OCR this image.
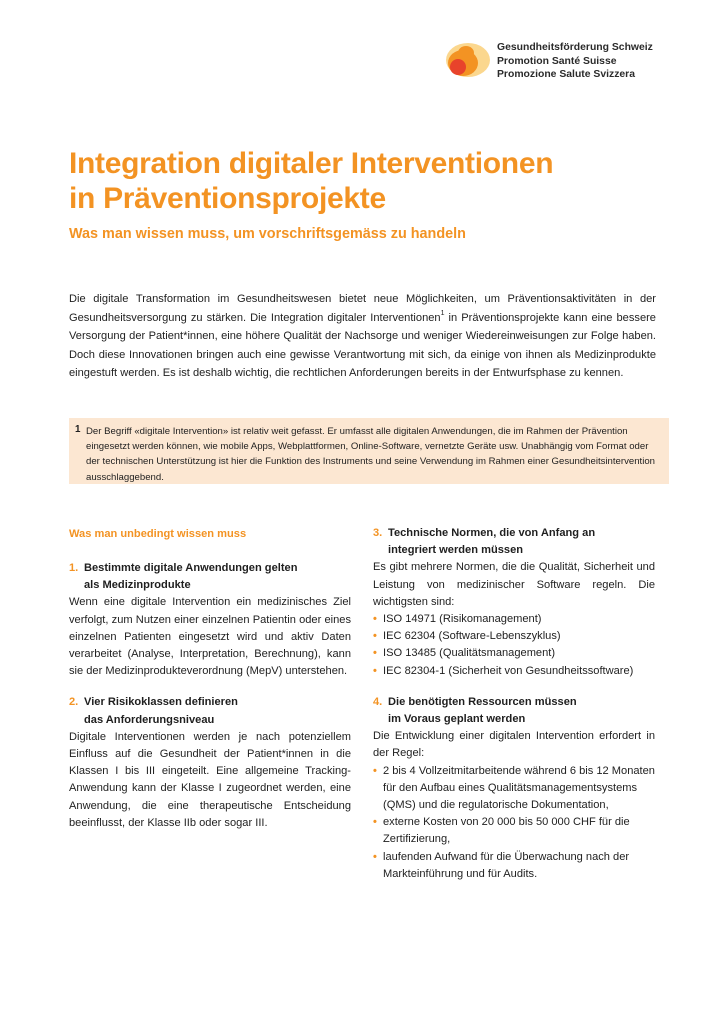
Gesundheitsförderung Schweiz
Promotion Santé Suisse
Promozione Salute Svizzera
Integration digitaler Interventionen
in Präventionsprojekte
Was man wissen muss, um vorschriftsgemäss zu handeln

Die digitale Transformation im Gesundheitswesen bietet neue Möglichkeiten, um Präventionsaktivitäten in der Gesundheitsversorgung zu stärken. Die Integration digitaler Interventionen$^1$ in Präventionsprojekte kann eine bessere Versorgung der Patient*innen, eine höhere Qualität der Nachsorge und weniger Wiedereinweisungen zur Folge haben. Doch diese Innovationen bringen auch eine gewisse Verantwortung mit sich, da einige von ihnen als Medizinprodukte eingestuft werden. Es ist deshalb wichtig, die rechtlichen Anforderungen bereits in der Entwurfsphase zu kennen.

1 Der Begriff «digitale Intervention» ist relativ weit gefasst. Er umfasst alle digitalen Anwendungen, die im Rahmen der Prävention eingesetzt werden können, wie mobile Apps, Webplattformen, Online-Software, vernetzte Geräte usw. Unabhängig vom Format oder der technischen Unterstützung ist hier die Funktion des Instruments und seine Verwendung im Rahmen einer Gesundheitsintervention ausschlaggebend.

Was man unbedingt wissen muss

1. Bestimmte digitale Anwendungen gelten
als Medizinprodukte

Wenn eine digitale Intervention ein medizinisches Ziel verfolgt, zum Nutzen einer einzelnen Patientin oder eines einzelnen Patienten eingesetzt wird und aktiv Daten verarbeitet (Analyse, Interpretation, Berechnung), kann sie der Medizinprodukteverordnung (MepV) unterstehen.

2. Vier Risikoklassen definieren
das Anforderungsniveau

Digitale Interventionen werden je nach potenziellem Einfluss auf die Gesundheit der Patient*innen in die Klassen I bis III eingeteilt. Eine allgemeine Tracking-Anwendung kann der Klasse I zugeordnet werden, eine Anwendung, die eine therapeutische Entscheidung beeinflusst, der Klasse IIb oder sogar III.

3. Technische Normen, die von Anfang an
integriert werden müssen

Es gibt mehrere Normen, die die Qualität, Sicherheit und Leistung von medizinischer Software regeln. Die wichtigsten sind:

• ISO 14971 (Risikomanagement)
• IEC 62304 (Software-Lebenszyklus)
• ISO 13485 (Qualitätsmanagement)
• IEC 82304-1 (Sicherheit von Gesundheitssoftware)

4. Die benötigten Ressourcen müssen
im Voraus geplant werden

Die Entwicklung einer digitalen Intervention erfordert in der Regel:

• 2 bis 4 Vollzeitmitarbeitende während 6 bis 12 Monaten für den Aufbau eines Qualitätsmanagementsystems (QMS) und die regulatorische Dokumentation,
• externe Kosten von 20 000 bis 50 000 CHF für die Zertifizierung,
• laufenden Aufwand für die Überwachung nach der Markteinführung und für Audits.
